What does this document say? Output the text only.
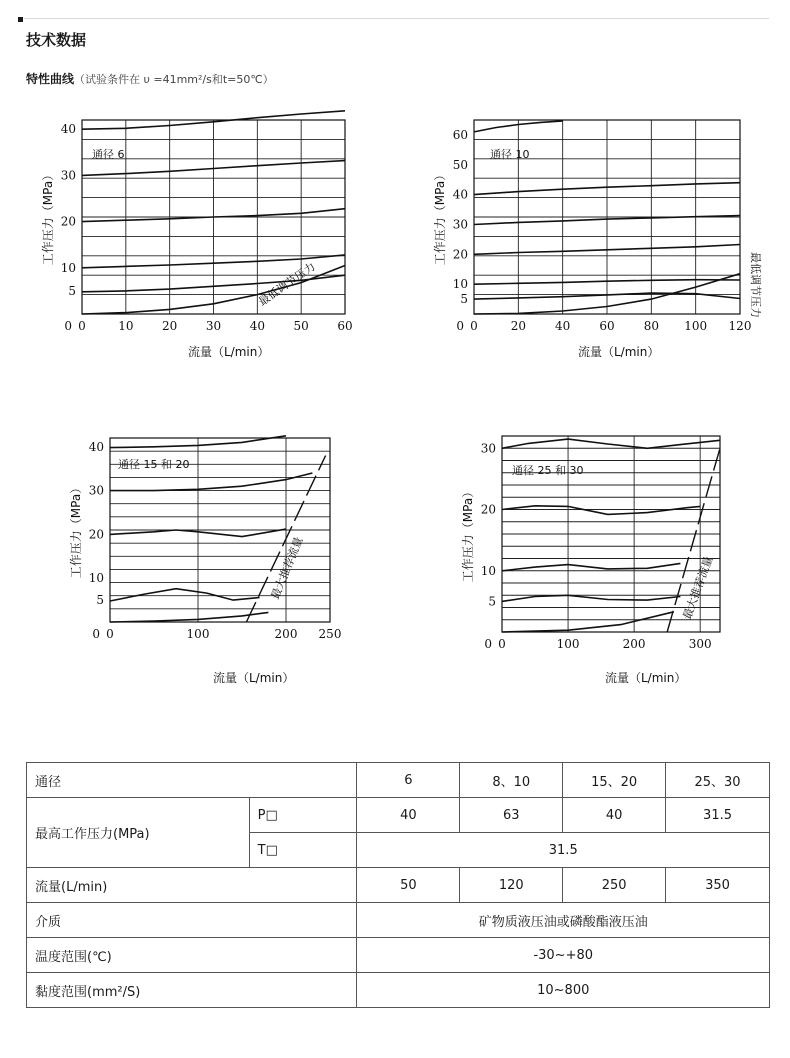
技术数据
特性曲线（试验条件在 υ =41mm²/s和t=50℃）
0	10 20 30 40 50 60
0
5
10
20
30
40
通径 6
流量（L/min）
工作压力（MPa）
最低调节压力
0	20 40 60 80 100 120
0
5
10
20
30
40
50
60
通径 10
流量（L/min）
工作压力（MPa）
最低调节压力
0	100	200 250
0
5
10
20
30
40
通径 15 和 20
流量（L/min）
工作压力（MPa）	最大推荐流量
0	100	200	300
0
5
10
20
30
通径 25 和 30
流量（L/min）
工作压力（MPa）
最大推荐流量
通径		6	8、10	15、20	25、30
最高工作压力(MPa)	P□	40	63	40	31.5
	T□	31.5			
流量(L/min)		50	120	250	350
介质		矿物质液压油或磷酸酯液压油			
温度范围(℃)		-30~+80			
黏度范围(mm²/S)		10~800			
